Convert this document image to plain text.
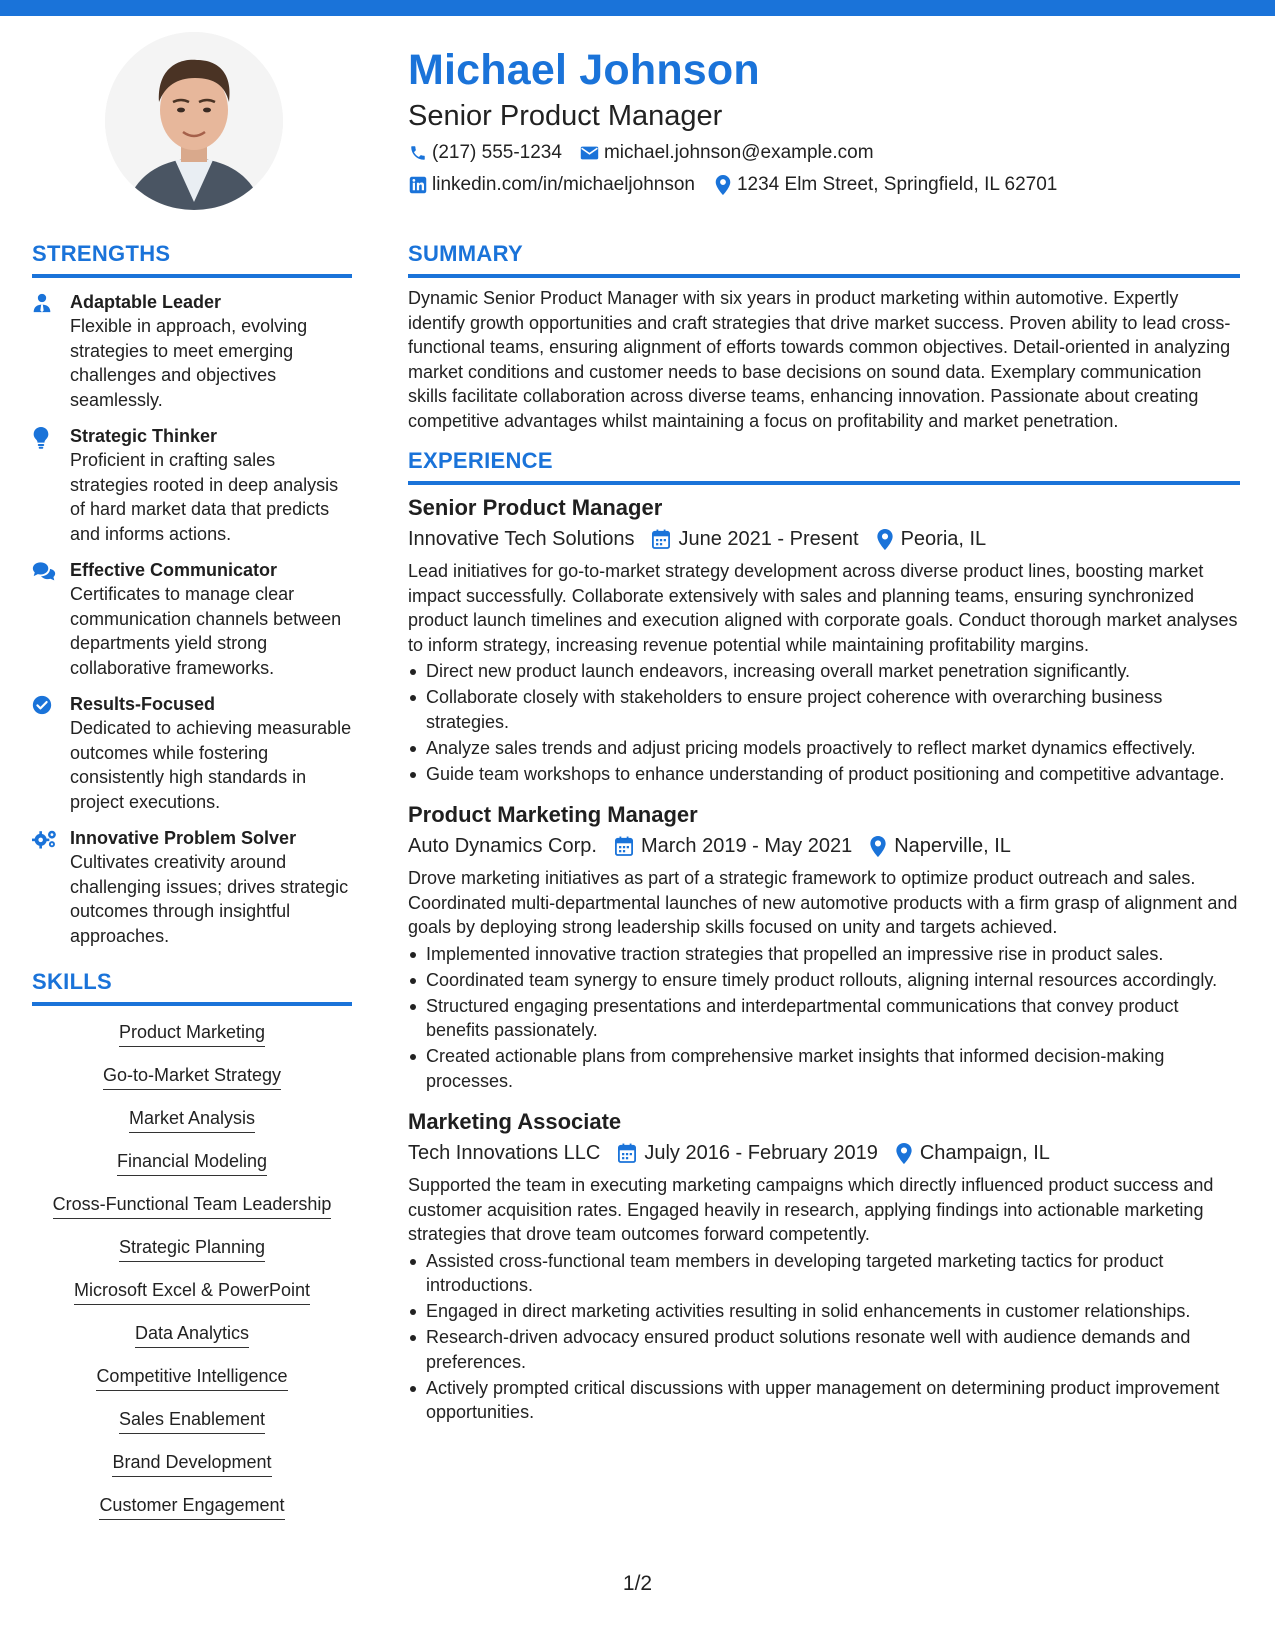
Michael Johnson
Senior Product Manager
(217) 555-1234 michael.johnson@example.com
linkedin.com/in/michaeljohnson 1234 Elm Street, Springfield, IL 62701
STRENGTHS
Adaptable Leader
Flexible in approach, evolving strategies to meet emerging challenges and objectives seamlessly.
Strategic Thinker
Proficient in crafting sales strategies rooted in deep analysis of hard market data that predicts and informs actions.
Effective Communicator
Certificates to manage clear communication channels between departments yield strong collaborative frameworks.
Results-Focused
Dedicated to achieving measurable outcomes while fostering consistently high standards in project executions.
Innovative Problem Solver
Cultivates creativity around challenging issues; drives strategic outcomes through insightful approaches.
SKILLS
Product Marketing
Go-to-Market Strategy
Market Analysis
Financial Modeling
Cross-Functional Team Leadership
Strategic Planning
Microsoft Excel & PowerPoint
Data Analytics
Competitive Intelligence
Sales Enablement
Brand Development
Customer Engagement
SUMMARY
Dynamic Senior Product Manager with six years in product marketing within automotive. Expertly identify growth opportunities and craft strategies that drive market success. Proven ability to lead cross-functional teams, ensuring alignment of efforts towards common objectives. Detail-oriented in analyzing market conditions and customer needs to base decisions on sound data. Exemplary communication skills facilitate collaboration across diverse teams, enhancing innovation. Passionate about creating competitive advantages whilst maintaining a focus on profitability and market penetration.
EXPERIENCE
Senior Product Manager
Innovative Tech Solutions June 2021 - Present Peoria, IL
Lead initiatives for go-to-market strategy development across diverse product lines, boosting market impact successfully. Collaborate extensively with sales and planning teams, ensuring synchronized product launch timelines and execution aligned with corporate goals. Conduct thorough market analyses to inform strategy, increasing revenue potential while maintaining profitability margins.
Direct new product launch endeavors, increasing overall market penetration significantly.
Collaborate closely with stakeholders to ensure project coherence with overarching business strategies.
Analyze sales trends and adjust pricing models proactively to reflect market dynamics effectively.
Guide team workshops to enhance understanding of product positioning and competitive advantage.
Product Marketing Manager
Auto Dynamics Corp. March 2019 - May 2021 Naperville, IL
Drove marketing initiatives as part of a strategic framework to optimize product outreach and sales. Coordinated multi-departmental launches of new automotive products with a firm grasp of alignment and goals by deploying strong leadership skills focused on unity and targets achieved.
Implemented innovative traction strategies that propelled an impressive rise in product sales.
Coordinated team synergy to ensure timely product rollouts, aligning internal resources accordingly.
Structured engaging presentations and interdepartmental communications that convey product benefits passionately.
Created actionable plans from comprehensive market insights that informed decision-making processes.
Marketing Associate
Tech Innovations LLC July 2016 - February 2019 Champaign, IL
Supported the team in executing marketing campaigns which directly influenced product success and customer acquisition rates. Engaged heavily in research, applying findings into actionable marketing strategies that drove team outcomes forward competently.
Assisted cross-functional team members in developing targeted marketing tactics for product introductions.
Engaged in direct marketing activities resulting in solid enhancements in customer relationships.
Research-driven advocacy ensured product solutions resonate well with audience demands and preferences.
Actively prompted critical discussions with upper management on determining product improvement opportunities.
1/2
